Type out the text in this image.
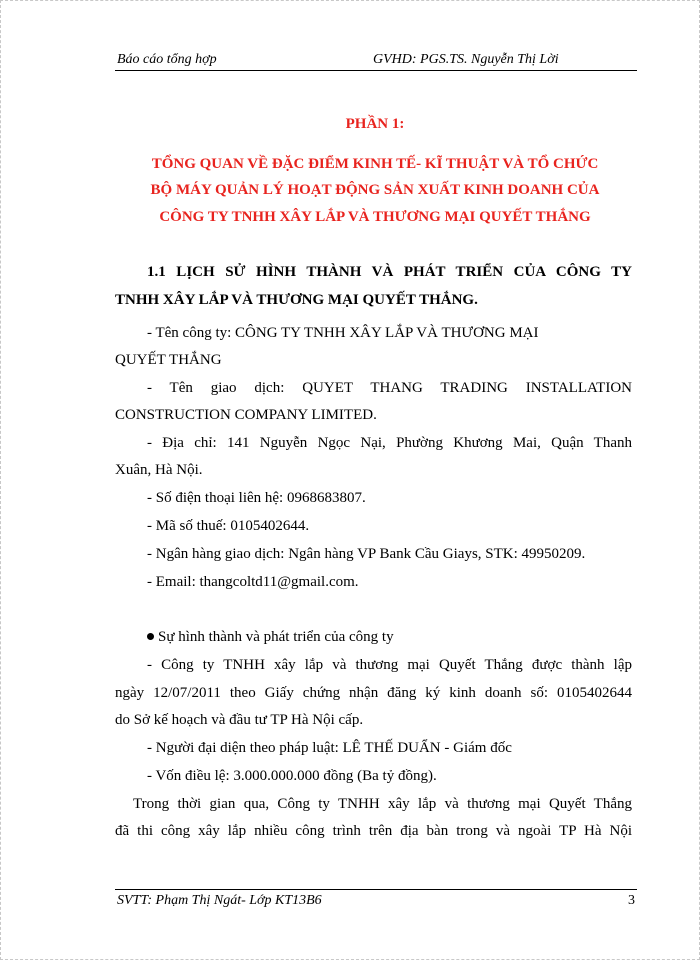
Báo cáo tổng hợp	GVHD: PGS.TS. Nguyễn Thị Lời
PHẦN 1:
TỔNG QUAN VỀ ĐẶC ĐIỂM KINH TẾ- KĨ THUẬT VÀ TỔ CHỨC
BỘ MÁY QUẢN LÝ HOẠT ĐỘNG SẢN XUẤT KINH DOANH CỦA
CÔNG TY TNHH XÂY LẮP VÀ THƯƠNG MẠI QUYẾT THẮNG
1.1 LỊCH SỬ HÌNH THÀNH VÀ PHÁT TRIỂN CỦA CÔNG TY
TNHH XÂY LẮP VÀ THƯƠNG MẠI QUYẾT THẮNG.
- Tên công ty: CÔNG TY TNHH XÂY LẮP VÀ THƯƠNG MẠI
QUYẾT THẮNG
- Tên giao dịch: QUYET THANG TRADING INSTALLATION
CONSTRUCTION COMPANY LIMITED.
- Địa chỉ: 141 Nguyễn Ngọc Nại, Phường Khương Mai, Quận Thanh
Xuân, Hà Nội.
- Số điện thoại liên hệ: 0968683807.
- Mã số thuế: 0105402644.
- Ngân hàng giao dịch: Ngân hàng VP Bank Cầu Giays, STK: 49950209.
- Email: thangcoltd11@gmail.com.
Sự hình thành và phát triển của công ty
- Công ty TNHH xây lắp và thương mại Quyết Thắng được thành lập
ngày 12/07/2011 theo Giấy chứng nhận đăng ký kinh doanh số: 0105402644
do Sở kế hoạch và đầu tư TP Hà Nội cấp.
- Người đại diện theo pháp luật: LÊ THẾ DUẨN - Giám đốc
- Vốn điều lệ: 3.000.000.000 đồng (Ba tỷ đồng).
Trong thời gian qua, Công ty TNHH xây lắp và thương mại Quyết Thắng
đã thi công xây lắp nhiều công trình trên địa bàn trong và ngoài TP Hà Nội
SVTT: Phạm Thị Ngát- Lớp KT13B6	3
